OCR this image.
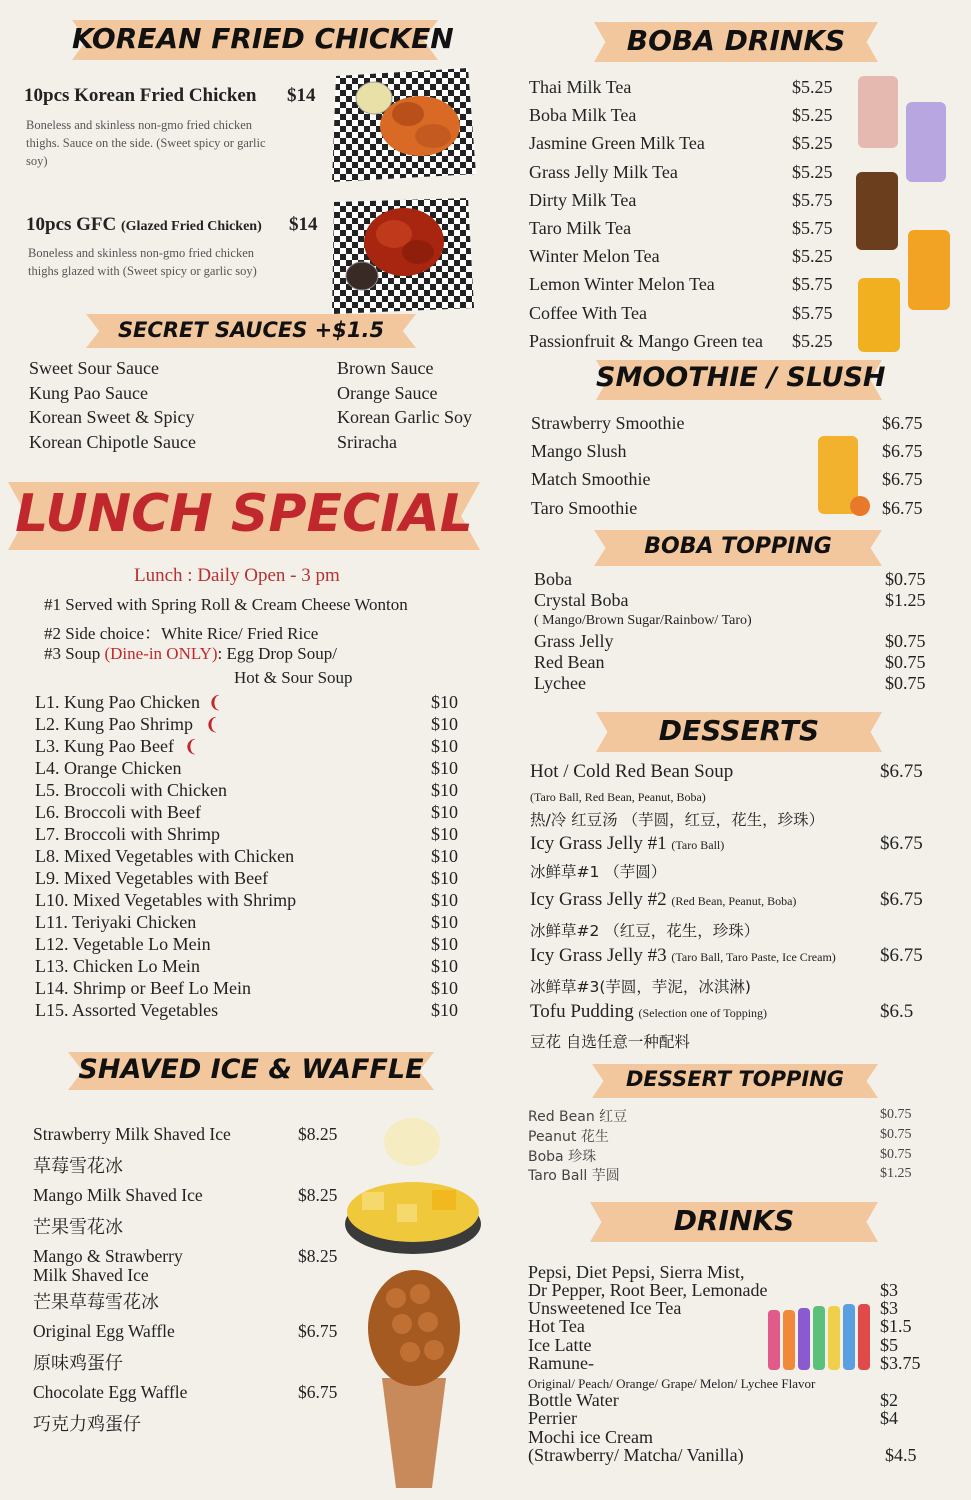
KOREAN FRIED CHICKEN
10pcs Korean Fried Chicken $14
Boneless and skinless non-gmo fried chicken
thighs. Sauce on the side. (Sweet spicy or garlic
soy)
10pcs GFC (Glazed Fried Chicken) $14
Boneless and skinless non-gmo fried chicken
thighs glazed with (Sweet spicy or garlic soy)
SECRET SAUCES +$1.5
Sweet Sour Sauce
Kung Pao Sauce
Korean Sweet & Spicy
Korean Chipotle Sauce
Brown Sauce
Orange Sauce
Korean Garlic Soy
Sriracha
LUNCH SPECIAL
Lunch : Daily Open - 3 pm
#1 Served with Spring Roll & Cream Cheese Wonton
#2 Side choice：White Rice/ Fried Rice
#3 Soup (Dine-in ONLY): Egg Drop Soup/
Hot & Sour Soup
L1. Kung Pao Chicken ❨	$10
L2. Kung Pao Shrimp ❨	$10
L3. Kung Pao Beef ❨	$10
L4. Orange Chicken	$10
L5. Broccoli with Chicken	$10
L6. Broccoli with Beef	$10
L7. Broccoli with Shrimp	$10
L8. Mixed Vegetables with Chicken	$10
L9. Mixed Vegetables with Beef	$10
L10. Mixed Vegetables with Shrimp	$10
L11. Teriyaki Chicken	$10
L12. Vegetable Lo Mein	$10
L13. Chicken Lo Mein	$10
L14. Shrimp or Beef Lo Mein	$10
L15. Assorted Vegetables	$10
SHAVED ICE & WAFFLE
Strawberry Milk Shaved Ice
草莓雪花冰
$8.25
Mango Milk Shaved Ice
芒果雪花冰
$8.25
Mango & Strawberry
Milk Shaved Ice
芒果草莓雪花冰
$8.25
Original Egg Waffle
原味鸡蛋仔
$6.75
Chocolate Egg Waffle
巧克力鸡蛋仔
$6.75
BOBA DRINKS
Thai Milk Tea	$5.25
Boba Milk Tea	$5.25
Jasmine Green Milk Tea	$5.25
Grass Jelly Milk Tea	$5.25
Dirty Milk Tea	$5.75
Taro Milk Tea	$5.75
Winter Melon Tea	$5.25
Lemon Winter Melon Tea	$5.75
Coffee With Tea	$5.75
Passionfruit & Mango Green tea $5.25
SMOOTHIE / SLUSH
Strawberry Smoothie	$6.75
Mango Slush	$6.75
Match Smoothie	$6.75
Taro Smoothie	$6.75
BOBA TOPPING
Boba	$0.75
Crystal Boba	$1.25
( Mango/Brown Sugar/Rainbow/ Taro)
Grass Jelly	$0.75
Red Bean	$0.75
Lychee	$0.75
DESSERTS
Hot / Cold Red Bean Soup	$6.75
(Taro Ball, Red Bean, Peanut, Boba)
热/冷 红豆汤 （芋圆，红豆，花生，珍珠）
Icy Grass Jelly #1 (Taro Ball)	$6.75
冰鲜草#1 （芋圆）
Icy Grass Jelly #2 (Red Bean, Peanut, Boba)	$6.75
冰鲜草#2 （红豆，花生，珍珠）
Icy Grass Jelly #3 (Taro Ball, Taro Paste, Ice Cream) $6.75
冰鲜草#3(芋圆，芋泥，冰淇淋)
Tofu Pudding (Selection one of Topping)	$6.5
豆花 自选任意一种配料
DESSERT TOPPING
Red Bean 红豆	$0.75
Peanut 花生	$0.75
Boba 珍珠	$0.75
Taro Ball 芋圆	$1.25
DRINKS
Pepsi, Diet Pepsi, Sierra Mist,
Dr Pepper, Root Beer, Lemonade	$3
Unsweetened Ice Tea	$3
Hot Tea	$1.5
Ice Latte	$5
Ramune-	$3.75
Original/ Peach/ Orange/ Grape/ Melon/ Lychee Flavor
Bottle Water	$2
Perrier	$4
Mochi ice Cream
(Strawberry/ Matcha/ Vanilla)	$4.5
